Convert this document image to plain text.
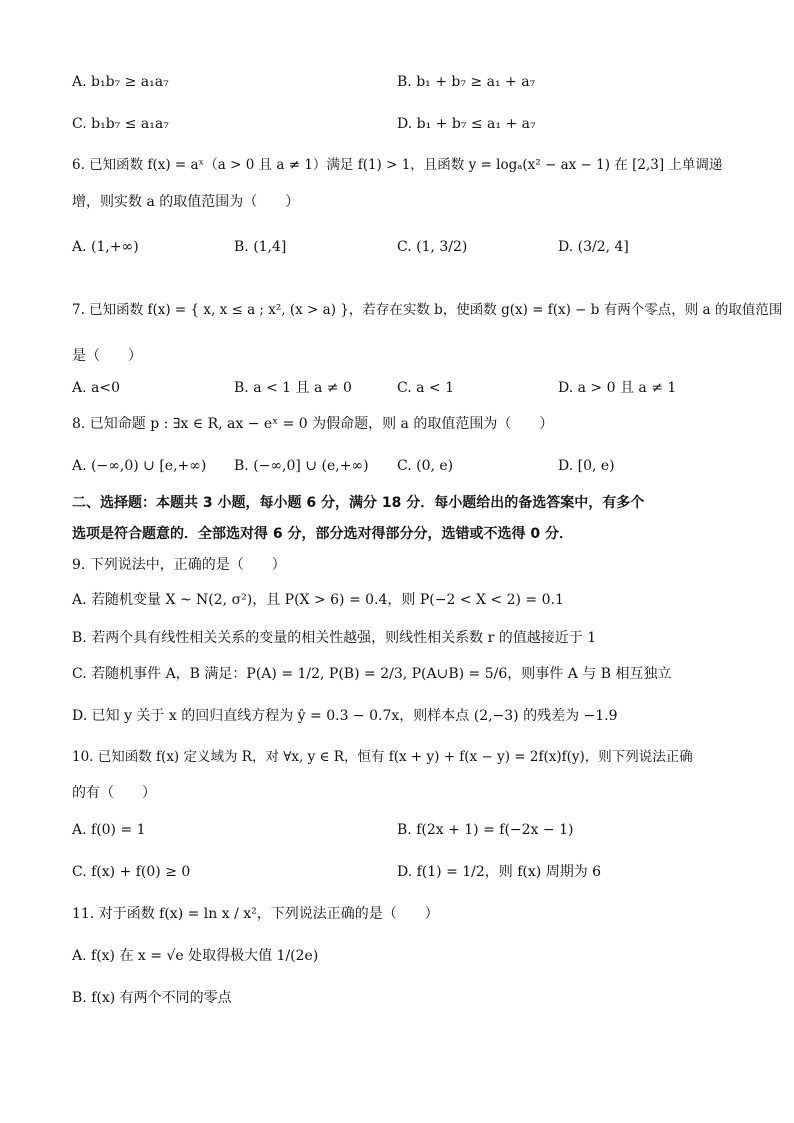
A. b₁b₇ ≥ a₁a₇	B. b₁ + b₇ ≥ a₁ + a₇
C. b₁b₇ ≤ a₁a₇	D. b₁ + b₇ ≤ a₁ + a₇
6. 已知函数 f(x) = aˣ（a > 0 且 a ≠ 1）满足 f(1) > 1，且函数 y = logₐ(x² − ax − 1) 在 [2,3] 上单调递
增，则实数 a 的取值范围为（　　）
A. (1,+∞)	B. (1,4]	C. (1, 3/2)	D. (3/2, 4]
7. 已知函数 f(x) = { x, x ≤ a ; x², (x > a) }，若存在实数 b，使函数 g(x) = f(x) − b 有两个零点，则 a 的取值范围
是（　　）
A. a<0	B. a < 1 且 a ≠ 0	C. a < 1	D. a > 0 且 a ≠ 1
8. 已知命题 p : ∃x ∈ R, ax − eˣ = 0 为假命题，则 a 的取值范围为（　　）
A. (−∞,0) ∪ [e,+∞) B. (−∞,0] ∪ (e,+∞) C. (0, e)	D. [0, e)
二、选择题：本题共 3 小题，每小题 6 分，满分 18 分．每小题给出的备选答案中，有多个
选项是符合题意的．全部选对得 6 分，部分选对得部分分，选错或不选得 0 分．
9. 下列说法中，正确的是（　　）
A. 若随机变量 X ~ N(2, σ²)，且 P(X > 6) = 0.4，则 P(−2 < X < 2) = 0.1
B. 若两个具有线性相关关系的变量的相关性越强，则线性相关系数 r 的值越接近于 1
C. 若随机事件 A，B 满足：P(A) = 1/2, P(B) = 2/3, P(A∪B) = 5/6，则事件 A 与 B 相互独立
D. 已知 y 关于 x 的回归直线方程为 ŷ = 0.3 − 0.7x，则样本点 (2,−3) 的残差为 −1.9
10. 已知函数 f(x) 定义域为 R，对 ∀x, y ∈ R，恒有 f(x + y) + f(x − y) = 2f(x)f(y)，则下列说法正确
的有（　　）
A. f(0) = 1	B. f(2x + 1) = f(−2x − 1)
C. f(x) + f(0) ≥ 0	D. f(1) = 1/2，则 f(x) 周期为 6
11. 对于函数 f(x) = ln x / x²，下列说法正确的是（　　）
A. f(x) 在 x = √e 处取得极大值 1/(2e)
B. f(x) 有两个不同的零点
